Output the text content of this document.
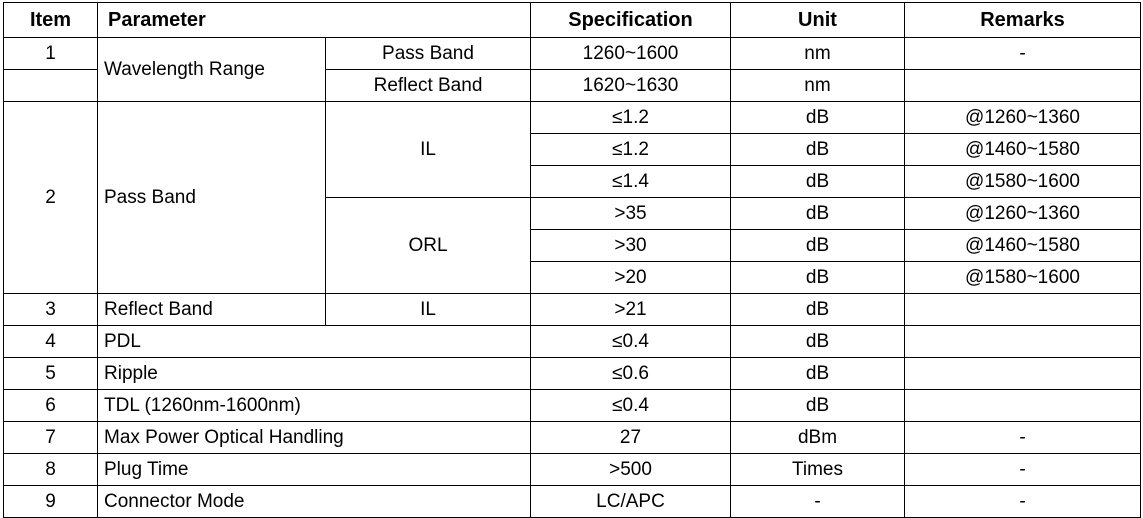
Item	Parameter		Specification	Unit	Remarks
1	Wavelength Range	Pass Band	1260~1600	nm	-
		Reflect Band	1620~1630	nm	
2	Pass Band	IL	≤1.2	dB	@1260~1360
			≤1.2	dB	@1460~1580
			≤1.4	dB	@1580~1600
		ORL	>35	dB	@1260~1360
			>30	dB	@1460~1580
			>20	dB	@1580~1600
3	Reflect Band	IL	>21	dB	
4	PDL		≤0.4	dB	
5	Ripple		≤0.6	dB	
6	TDL (1260nm-1600nm)		≤0.4	dB	
7	Max Power Optical Handling		27	dBm	-
8	Plug Time		>500	Times	-
9	Connector Mode		LC/APC	-	-
